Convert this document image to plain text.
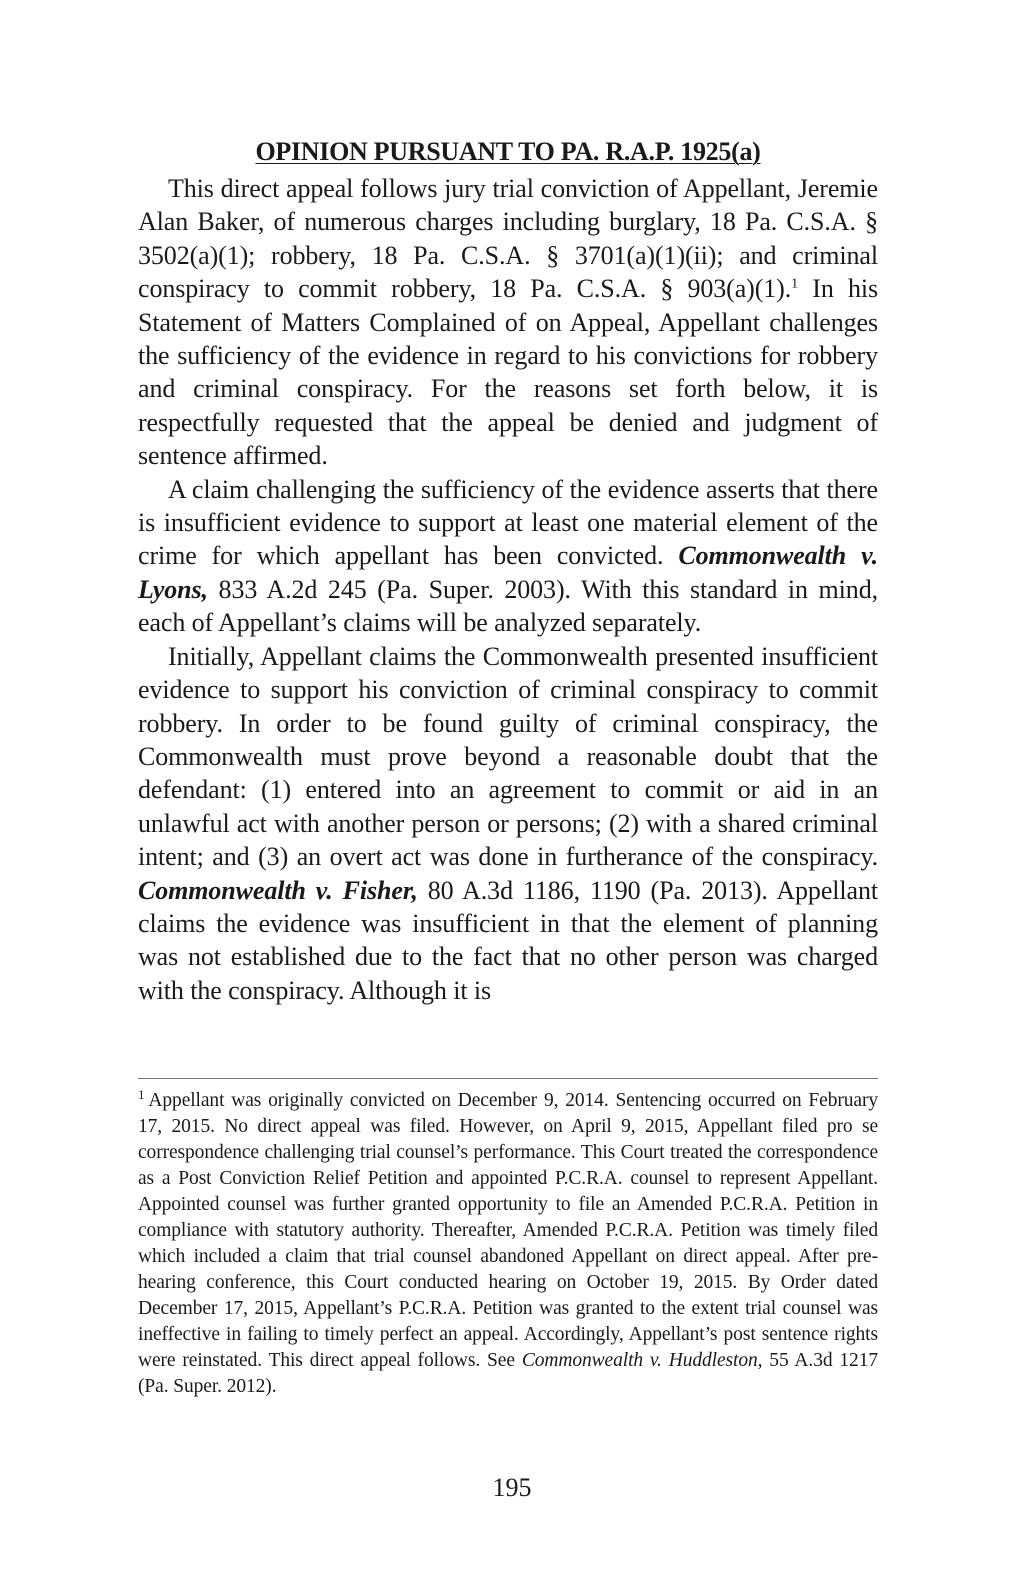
OPINION PURSUANT TO PA. R.A.P. 1925(a)

This direct appeal follows jury trial conviction of Appellant, Jeremie Alan Baker, of numerous charges including burglary, 18 Pa. C.S.A. § 3502(a)(1); robbery, 18 Pa. C.S.A. § 3701(a)(1)(ii); and criminal conspiracy to commit robbery, 18 Pa. C.S.A. § 903(a)(1).$^1$ In his Statement of Matters Complained of on Appeal, Appellant challenges the sufficiency of the evidence in regard to his convictions for robbery and criminal conspiracy. For the reasons set forth below, it is respectfully requested that the appeal be denied and judgment of sentence affirmed.

A claim challenging the sufficiency of the evidence asserts that there is insufficient evidence to support at least one material element of the crime for which appellant has been convicted. Commonwealth v. Lyons, 833 A.2d 245 (Pa. Super. 2003). With this standard in mind, each of Appellant’s claims will be analyzed separately.

Initially, Appellant claims the Commonwealth presented insufficient evidence to support his conviction of criminal conspiracy to commit robbery. In order to be found guilty of criminal conspiracy, the Commonwealth must prove beyond a reasonable doubt that the defendant: (1) entered into an agreement to commit or aid in an unlawful act with another person or persons; (2) with a shared criminal intent; and (3) an overt act was done in furtherance of the conspiracy. Commonwealth v. Fisher, 80 A.3d 1186, 1190 (Pa. 2013). Appellant claims the evidence was insufficient in that the element of planning was not established due to the fact that no other person was charged with the conspiracy. Although it is

$^1$ Appellant was originally convicted on December 9, 2014. Sentencing occurred on February 17, 2015. No direct appeal was filed. However, on April 9, 2015, Appellant filed pro se correspondence challenging trial counsel’s performance. This Court treated the correspondence as a Post Conviction Relief Petition and appointed P.C.R.A. counsel to represent Appellant. Appointed counsel was further granted opportunity to file an Amended P.C.R.A. Petition in compliance with statutory authority. Thereafter, Amended P.C.R.A. Petition was timely filed which included a claim that trial counsel abandoned Appellant on direct appeal. After pre-hearing conference, this Court conducted hearing on October 19, 2015. By Order dated December 17, 2015, Appellant’s P.C.R.A. Petition was granted to the extent trial counsel was ineffective in failing to timely perfect an appeal. Accordingly, Appellant’s post sentence rights were reinstated. This direct appeal follows. See Commonwealth v. Huddleston, 55 A.3d 1217 (Pa. Super. 2012).

195
